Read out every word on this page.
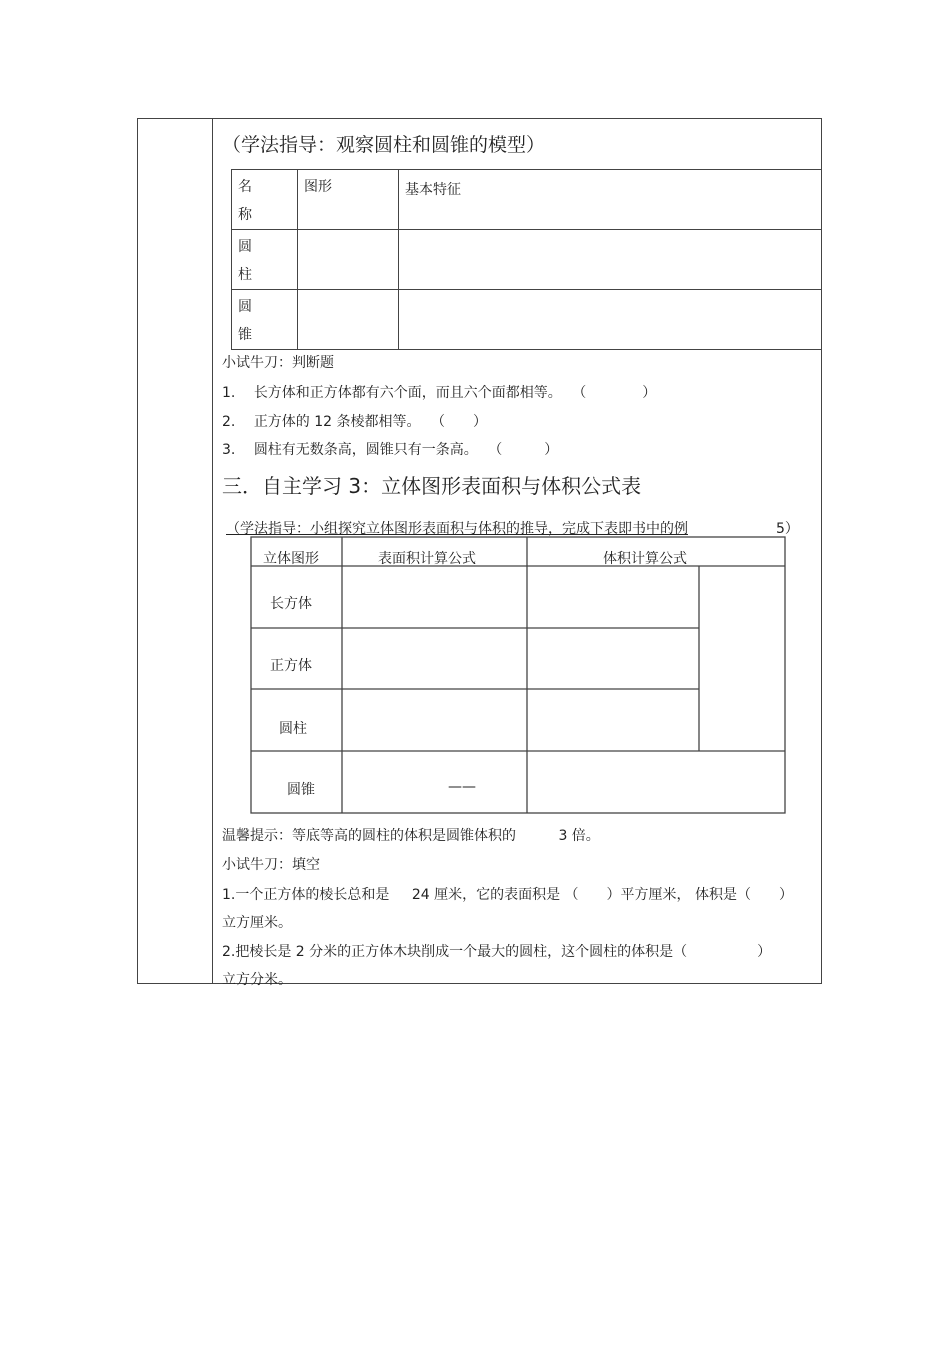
（学法指导：观察圆柱和圆锥的模型）
名
称	图形	基本特征

圆
柱		

圆
锥		

小试牛刀：判断题
1. 长方体和正方体都有六个面，而且六个面都相等。 （　　　　）
2. 正方体的 12 条棱都相等。 （　　）
3. 圆柱有无数条高，圆锥只有一条高。 （　　　）
三．自主学习 3：立体图形表面积与体积公式表
（学法指导：小组探究立体图形表面积与体积的推导，完成下表即书中的例	5）
立体图形	表面积计算公式	体积计算公式
长方体
正方体
圆柱
圆锥	——
温馨提示：等底等高的圆柱的体积是圆锥体积的	3 倍。
小试牛刀：填空
1.一个正方体的棱长总和是 24 厘米，它的表面积是 （　　）平方厘米， 体积是（　　）
立方厘米。
2.把棱长是 2 分米的正方体木块削成一个最大的圆柱，这个圆柱的体积是（　　　　　）
立方分米。
